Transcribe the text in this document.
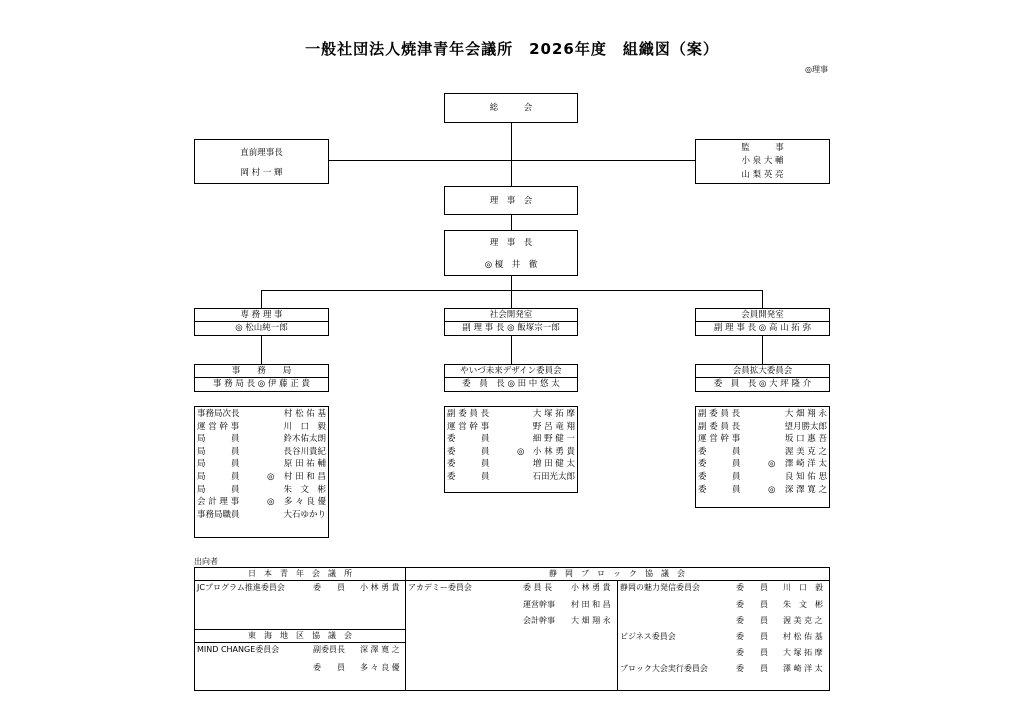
一般社団法人焼津青年会議所　2026年度　組織図（案）
◎理事
総　　　会
直前理事長
岡 村 一 輝
監　　　事
小 泉 大 輔
山 梨 英 亮
理　事　会
理　事　長
◎ 榎　井　徹
専 務 理 事
◎ 松山純一郎
社会開発室
副 理 事 長 ◎ 飯塚宗一郎
会員開発室
副 理 事 長 ◎ 高 山 拓 弥
事　　務　　局
事 務 局 長 ◎ 伊 藤 正 貴
やいづ未来デザイン委員会
委　員　長 ◎ 田 中 悠 太
会員拡大委員会
委　員　長 ◎ 大 坪 隆 介
事務局次長	村 松 佑 基
運 営 幹 事	川　口　毅
局　　　員	鈴木佑太朗
局　　　員	長谷川貴紀
局　　　員	原 田 祐 輔
局　　　員	◎	村 田 和 昌
局　　　員	朱　文　彬
会 計 理 事	◎	多 々 良 優
事務局職員	大石ゆかり
副 委 員 長	大 塚 拓 摩
運 営 幹 事	野 呂 竜 翔
委　　　員	細 野 健 一
委　　　員	◎ 小 林 勇 貴
委　　　員	増 田 健 太
委　　　員	石田光太郎
副 委 員 長	大 畑 翔 永
副 委 員 長	望月勝太郎
運 営 幹 事	坂 口 惠 吾
委　　　員	渥 美 克 之
委　　　員	◎	澤 崎 洋 太
委　　　員	良 知 佑 思
委　　　員	◎	深 澤 寛 之
出向者
日　本　青　年　会　議　所	静　岡　ブ　ロ　ッ　ク　協　議　会
JCプログラム推進委員会	委　　員 小 林 勇 貴
東　海　地　区　協　議　会
MIND CHANGE委員会	副委員長 深 澤 寛 之
委　　員 多 々 良 優
アカデミー委員会	委 員 長 小 林 勇 貴
運営幹事 村 田 和 昌
会計幹事 大 畑 翔 永
静岡の魅力発信委員会	委　　員 川　口　毅
委　　員 朱　文　彬
委　　員 渥 美 克 之
ビジネス委員会	委　　員 村 松 佑 基
委　　員 大 塚 拓 摩
ブロック大会実行委員会	委　　員 澤 崎 洋 太
